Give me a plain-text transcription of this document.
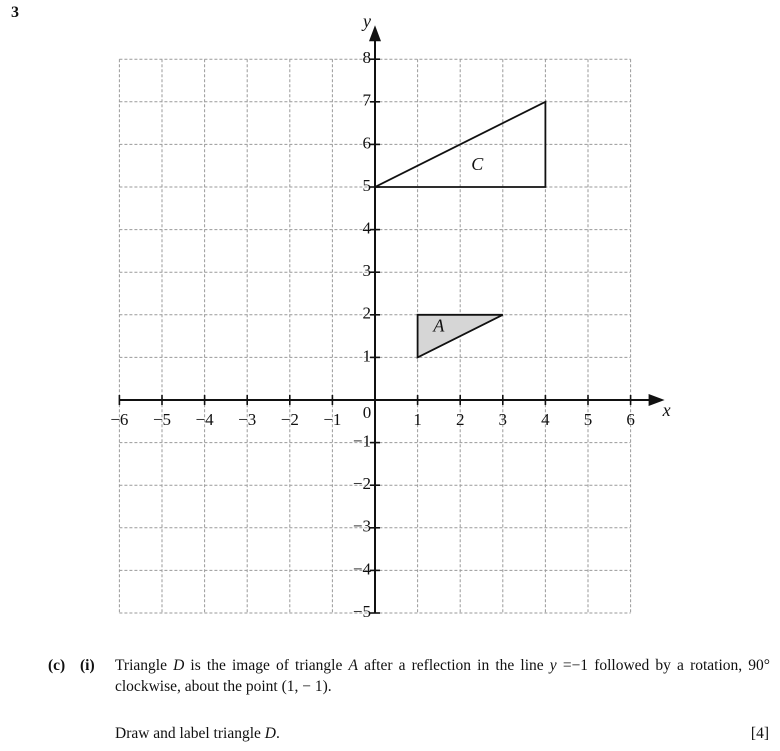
3
C
A
−6 −5 −4 −3 −2 −1	1 2 3 4 5 6
8
7
6
5
4
3
2
1
−1
−2
−3
−4
−5
0	x
y
(c) (i) Triangle D is the image of triangle A after a reflection in the line y =−1 followed by a rotation, 90° clockwise, about the point (1, − 1).
Draw and label triangle D.	[4]
